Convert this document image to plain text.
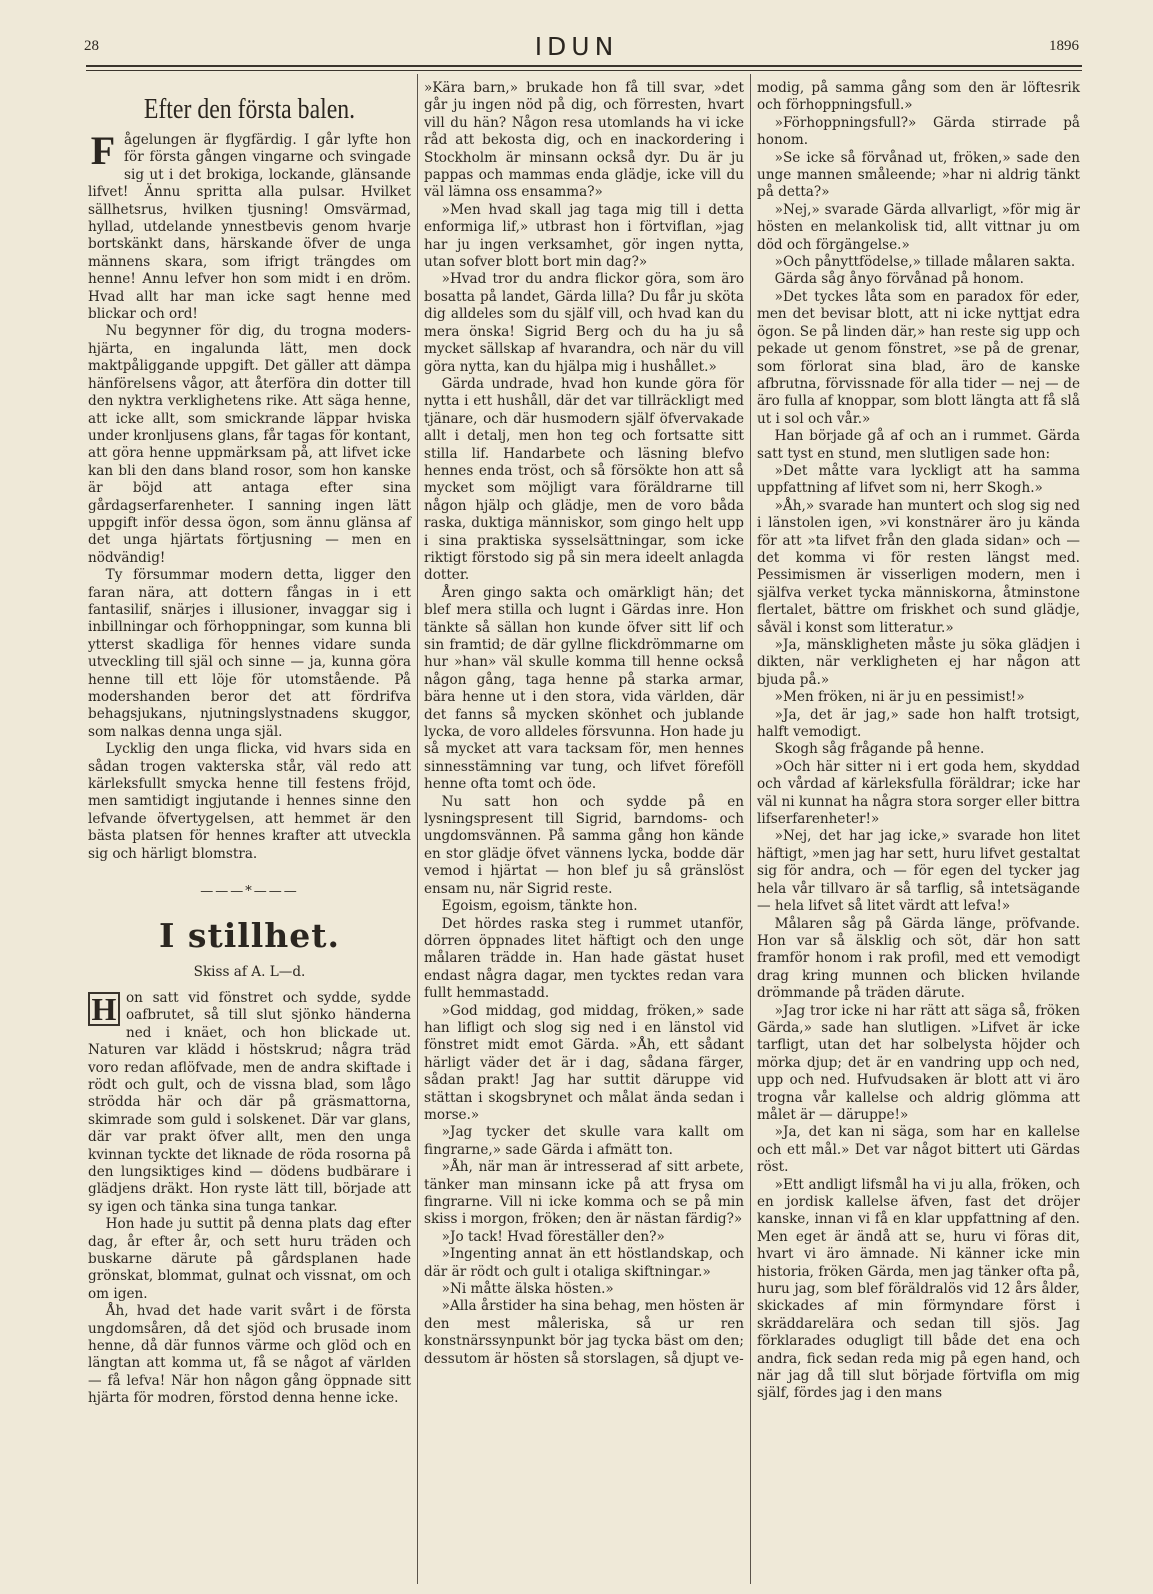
28	IDUN	1896
Efter den första balen.

Fågelungen är flygfärdig. I går lyfte hon för första gången vingarne och svingade sig ut i det brokiga, lockande, glänsande lifvet! Ännu spritta alla pulsar. Hvilket sällhetsrus, hvilken tjusning! Omsvärmad, hyllad, utdelande ynnestbevis genom hvarje bortskänkt dans, härskande öfver de unga männens skara, som ifrigt trängdes om henne! Annu lefver hon som midt i en dröm. Hvad allt har man icke sagt henne med blickar och ord!

Nu begynner för dig, du trogna moders-hjärta, en ingalunda lätt, men dock maktpåliggande uppgift. Det gäller att dämpa hänförelsens vågor, att återföra din dotter till den nyktra verklighetens rike. Att säga henne, att icke allt, som smickrande läppar hviska under kronljusens glans, får tagas för kontant, att göra henne uppmärksam på, att lifvet icke kan bli den dans bland rosor, som hon kanske är böjd att antaga efter sina gårdagserfarenheter. I sanning ingen lätt uppgift inför dessa ögon, som ännu glänsa af det unga hjärtats förtjusning — men en nödvändig!

Ty försummar modern detta, ligger den faran nära, att dottern fångas in i ett fantasilif, snärjes i illusioner, invaggar sig i inbillningar och förhoppningar, som kunna bli ytterst skadliga för hennes vidare sunda utveckling till själ och sinne — ja, kunna göra henne till ett löje för utomstående. På modershanden beror det att fördrifva behagsjukans, njutningslystnadens skuggor, som nalkas denna unga själ.

Lycklig den unga flicka, vid hvars sida en sådan trogen vakterska står, väl redo att kärleksfullt smycka henne till festens fröjd, men samtidigt ingjutande i hennes sinne den lefvande öfvertygelsen, att hemmet är den bästa platsen för hennes krafter att utveckla sig och härligt blomstra.

———*———
I stillhet.
Skiss af A. L—d.

H on satt vid fönstret och sydde, sydde oafbrutet, så till slut sjönko händerna ned i knäet, och hon blickade ut. Naturen var klädd i höstskrud; några träd voro redan aflöfvade, men de andra skiftade i rödt och gult, och de vissna blad, som lågo strödda här och där på gräsmattorna, skimrade som guld i solskenet. Där var glans, där var prakt öfver allt, men den unga kvinnan tyckte det liknade de röda rosorna på den lungsiktiges kind — dödens budbärare i glädjens dräkt. Hon ryste lätt till, började att sy igen och tänka sina tunga tankar.

Hon hade ju suttit på denna plats dag efter dag, år efter år, och sett huru träden och buskarne därute på gårdsplanen hade grönskat, blommat, gulnat och vissnat, om och om igen.

Åh, hvad det hade varit svårt i de första ungdomsåren, då det sjöd och brusade inom henne, då där funnos värme och glöd och en längtan att komma ut, få se något af världen — få lefva! När hon någon gång öppnade sitt hjärta för modren, förstod denna henne icke.

»Kära barn,» brukade hon få till svar, »det går ju ingen nöd på dig, och förresten, hvart vill du hän? Någon resa utomlands ha vi icke råd att bekosta dig, och en inackordering i Stockholm är minsann också dyr. Du är ju pappas och mammas enda glädje, icke vill du väl lämna oss ensamma?»

»Men hvad skall jag taga mig till i detta enformiga lif,» utbrast hon i förtviflan, »jag har ju ingen verksamhet, gör ingen nytta, utan sofver blott bort min dag?»

»Hvad tror du andra flickor göra, som äro bosatta på landet, Gärda lilla? Du får ju sköta dig alldeles som du själf vill, och hvad kan du mera önska! Sigrid Berg och du ha ju så mycket sällskap af hvarandra, och när du vill göra nytta, kan du hjälpa mig i hushållet.»

Gärda undrade, hvad hon kunde göra för nytta i ett hushåll, där det var tillräckligt med tjänare, och där husmodern själf öfvervakade allt i detalj, men hon teg och fortsatte sitt stilla lif. Handarbete och läsning blefvo hennes enda tröst, och så försökte hon att så mycket som möjligt vara föräldrarne till någon hjälp och glädje, men de voro båda raska, duktiga människor, som gingo helt upp i sina praktiska sysselsättningar, som icke riktigt förstodo sig på sin mera ideelt anlagda dotter.

Åren gingo sakta och omärkligt hän; det blef mera stilla och lugnt i Gärdas inre. Hon tänkte så sällan hon kunde öfver sitt lif och sin framtid; de där gyllne flickdrömmarne om hur »han» väl skulle komma till henne också någon gång, taga henne på starka armar, bära henne ut i den stora, vida världen, där det fanns så mycken skönhet och jublande lycka, de voro alldeles försvunna. Hon hade ju så mycket att vara tacksam för, men hennes sinnesstämning var tung, och lifvet föreföll henne ofta tomt och öde.

Nu satt hon och sydde på en lysningspresent till Sigrid, barndoms- och ungdomsvännen. På samma gång hon kände en stor glädje öfvet vännens lycka, bodde där vemod i hjärtat — hon blef ju så gränslöst ensam nu, när Sigrid reste.

Egoism, egoism, tänkte hon.

Det hördes raska steg i rummet utanför, dörren öppnades litet häftigt och den unge målaren trädde in. Han hade gästat huset endast några dagar, men tycktes redan vara fullt hemmastadd.

»God middag, god middag, fröken,» sade han lifligt och slog sig ned i en länstol vid fönstret midt emot Gärda. »Åh, ett sådant härligt väder det är i dag, sådana färger, sådan prakt! Jag har suttit däruppe vid stättan i skogsbrynet och målat ända sedan i morse.»

»Jag tycker det skulle vara kallt om fingrarne,» sade Gärda i afmätt ton.

»Åh, när man är intresserad af sitt arbete, tänker man minsann icke på att frysa om fingrarne. Vill ni icke komma och se på min skiss i morgon, fröken; den är nästan färdig?»

»Jo tack! Hvad föreställer den?»

»Ingenting annat än ett höstlandskap, och där är rödt och gult i otaliga skiftningar.»

»Ni måtte älska hösten.»

»Alla årstider ha sina behag, men hösten är den mest måleriska, så ur ren konstnärssynpunkt bör jag tycka bäst om den; dessutom är hösten så storslagen, så djupt ve-

modig, på samma gång som den är löftesrik och förhoppningsfull.»

»Förhoppningsfull?» Gärda stirrade på honom.

»Se icke så förvånad ut, fröken,» sade den unge mannen småleende; »har ni aldrig tänkt på detta?»

»Nej,» svarade Gärda allvarligt, »för mig är hösten en melankolisk tid, allt vittnar ju om död och förgängelse.»

»Och pånyttfödelse,» tillade målaren sakta.

Gärda såg ånyo förvånad på honom.

»Det tyckes låta som en paradox för eder, men det bevisar blott, att ni icke nyttjat edra ögon. Se på linden där,» han reste sig upp och pekade ut genom fönstret, »se på de grenar, som förlorat sina blad, äro de kanske afbrutna, förvissnade för alla tider — nej — de äro fulla af knoppar, som blott längta att få slå ut i sol och vår.»

Han började gå af och an i rummet. Gärda satt tyst en stund, men slutligen sade hon:

»Det måtte vara lyckligt att ha samma uppfattning af lifvet som ni, herr Skogh.»

»Åh,» svarade han muntert och slog sig ned i länstolen igen, »vi konstnärer äro ju kända för att »ta lifvet från den glada sidan» och — det komma vi för resten längst med. Pessimismen är visserligen modern, men i själfva verket tycka människorna, åtminstone flertalet, bättre om friskhet och sund glädje, såväl i konst som litteratur.»

»Ja, mänskligheten måste ju söka glädjen i dikten, när verkligheten ej har någon att bjuda på.»

»Men fröken, ni är ju en pessimist!»

»Ja, det är jag,» sade hon halft trotsigt, halft vemodigt.

Skogh såg frågande på henne.

»Och här sitter ni i ert goda hem, skyddad och vårdad af kärleksfulla föräldrar; icke har väl ni kunnat ha några stora sorger eller bittra lifserfarenheter!»

»Nej, det har jag icke,» svarade hon litet häftigt, »men jag har sett, huru lifvet gestaltat sig för andra, och — för egen del tycker jag hela vår tillvaro är så tarflig, så intetsägande — hela lifvet så litet värdt att lefva!»

Målaren såg på Gärda länge, pröfvande. Hon var så älsklig och söt, där hon satt framför honom i rak profil, med ett vemodigt drag kring munnen och blicken hvilande drömmande på träden därute.

»Jag tror icke ni har rätt att säga så, fröken Gärda,» sade han slutligen. »Lifvet är icke tarfligt, utan det har solbelysta höjder och mörka djup; det är en vandring upp och ned, upp och ned. Hufvudsaken är blott att vi äro trogna vår kallelse och aldrig glömma att målet är — däruppe!»

»Ja, det kan ni säga, som har en kallelse och ett mål.» Det var något bittert uti Gärdas röst.

»Ett andligt lifsmål ha vi ju alla, fröken, och en jordisk kallelse äfven, fast det dröjer kanske, innan vi få en klar uppfattning af den. Men eget är ändå att se, huru vi föras dit, hvart vi äro ämnade. Ni känner icke min historia, fröken Gärda, men jag tänker ofta på, huru jag, som blef föräldralös vid 12 års ålder, skickades af min förmyndare först i skräddarelära och sedan till sjös. Jag förklarades odugligt till både det ena och andra, fick sedan reda mig på egen hand, och när jag då till slut började förtvifla om mig själf, fördes jag i den mans
